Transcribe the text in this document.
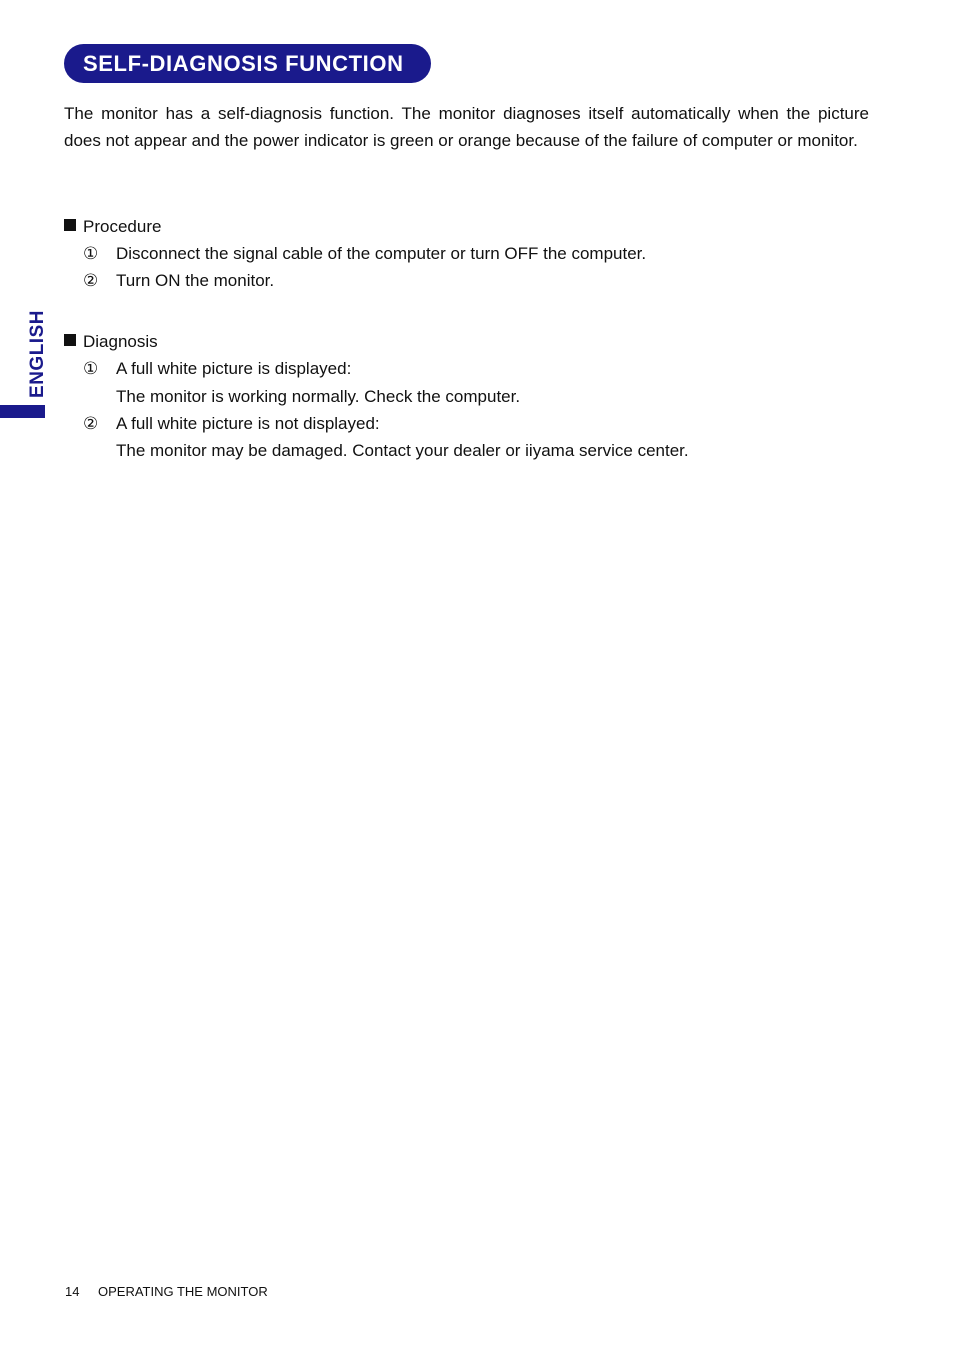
SELF-DIAGNOSIS FUNCTION
ENGLISH

The monitor has a self-diagnosis function. The monitor diagnoses itself automatically when the picture does not appear and the power indicator is green or orange because of the failure of computer or monitor.

Procedure
① Disconnect the signal cable of the computer or turn OFF the computer.
② Turn ON the monitor.
Diagnosis
① A full white picture is displayed:
The monitor is working normally. Check the computer.
② A full white picture is not displayed:
The monitor may be damaged. Contact your dealer or iiyama service center.
14 OPERATING THE MONITOR
